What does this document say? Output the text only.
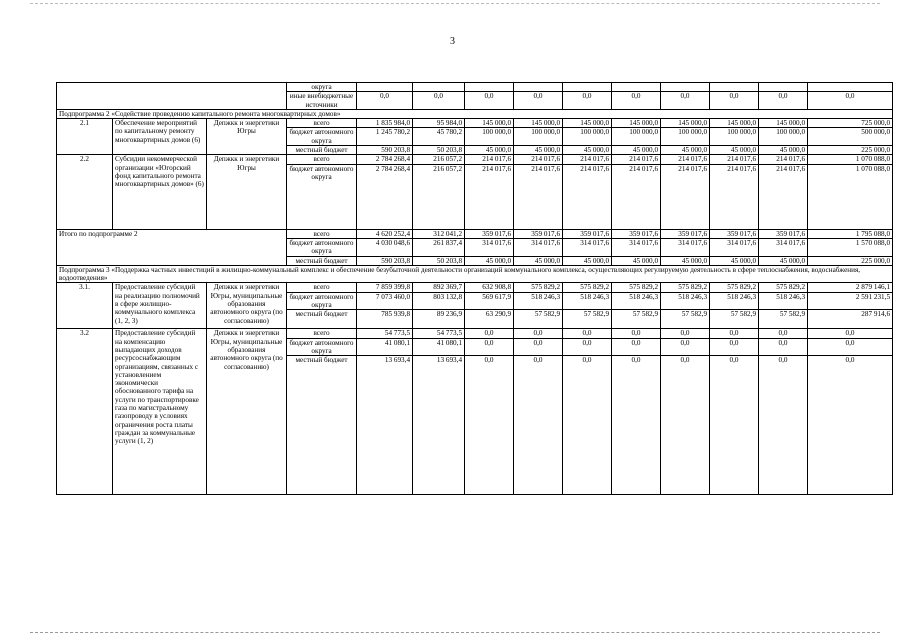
3
			округа										
			иные внебюджетные источники	0,0	0,0	0,0	0,0	0,0	0,0	0,0	0,0	0,0	0,0
Подпрограмма 2 «Содействие проведению капитального ремонта многоквартирных домов»													
2.1	Обеспечение мероприятий по капитальному ремонту многоквартирных домов (6)	Депжкк и энергетики Югры	всего	1 835 984,0	95 984,0	145 000,0	145 000,0	145 000,0	145 000,0	145 000,0	145 000,0	145 000,0	725 000,0
			бюджет автономного округа	1 245 780,2	45 780,2	100 000,0	100 000,0	100 000,0	100 000,0	100 000,0	100 000,0	100 000,0	500 000,0
			местный бюджет	590 203,8	50 203,8	45 000,0	45 000,0	45 000,0	45 000,0	45 000,0	45 000,0	45 000,0	225 000,0
2.2	Субсидии некоммерческой организации «Югорский фонд капитального ремонта многоквартирных домов» (6)	Депжкк и энергетики Югры	всего	2 784 268,4	216 057,2	214 017,6	214 017,6	214 017,6	214 017,6	214 017,6	214 017,6	214 017,6	1 070 088,0
			бюджет автономного округа	2 784 268,4	216 057,2	214 017,6	214 017,6	214 017,6	214 017,6	214 017,6	214 017,6	214 017,6	1 070 088,0
Итого по подпрограмме 2			всего	4 620 252,4	312 041,2	359 017,6	359 017,6	359 017,6	359 017,6	359 017,6	359 017,6	359 017,6	1 795 088,0
			бюджет автономного округа	4 030 048,6	261 837,4	314 017,6	314 017,6	314 017,6	314 017,6	314 017,6	314 017,6	314 017,6	1 570 088,0
			местный бюджет	590 203,8	50 203,8	45 000,0	45 000,0	45 000,0	45 000,0	45 000,0	45 000,0	45 000,0	225 000,0
Подпрограмма 3 «Поддержка частных инвестиций в жилищно-коммунальный комплекс и обеспечение безубыточной деятельности организаций коммунального комплекса, осуществляющих регулируемую деятельность в сфере теплоснабжения, водоснабжения, водоотведения»													
3.1.	Предоставление субсидий на реализацию полномочий в сфере жилищно-коммунального комплекса (1, 2, 3)	Депжкк и энергетики Югры, муниципальные образования автономного округа (по согласованию)	всего	7 859 399,8	892 369,7	632 908,8	575 829,2	575 829,2	575 829,2	575 829,2	575 829,2	575 829,2	2 879 146,1
			бюджет автономного округа	7 073 460,0	803 132,8	569 617,9	518 246,3	518 246,3	518 246,3	518 246,3	518 246,3	518 246,3	2 591 231,5
			местный бюджет	785 939,8	89 236,9	63 290,9	57 582,9	57 582,9	57 582,9	57 582,9	57 582,9	57 582,9	287 914,6
3.2	Предоставление субсидий на компенсацию выпадающих доходов ресурсоснабжающим организациям, связанных с установлением экономически обоснованного тарифа на услуги по транспортировке газа по магистральному газопроводу в условиях ограничения роста платы граждан за коммунальные услуги (1, 2)	Депжкк и энергетики Югры, муниципальные образования автономного округа (по согласованию)	всего	54 773,5	54 773,5	0,0	0,0	0,0	0,0	0,0	0,0	0,0	0,0
			бюджет автономного округа	41 080,1	41 080,1	0,0	0,0	0,0	0,0	0,0	0,0	0,0	0,0
			местный бюджет	13 693,4	13 693,4	0,0	0,0	0,0	0,0	0,0	0,0	0,0	0,0
